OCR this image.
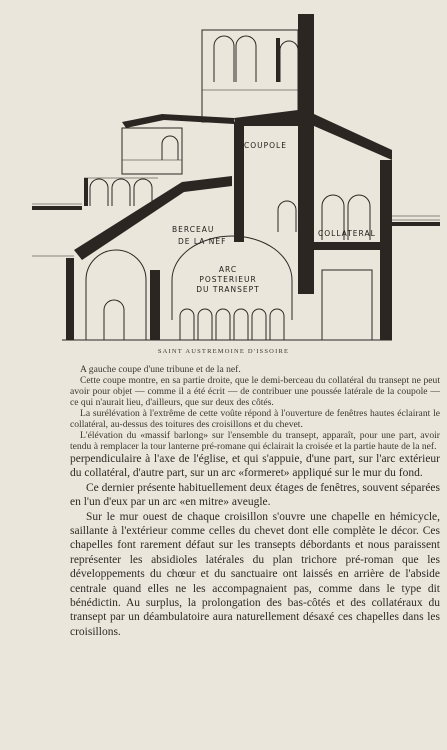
COUPOLE
BERCEAU
DE LA NEF
ARC
POSTERIEUR
DU TRANSEPT
COLLATERAL
SAINT AUSTREMOINE D'ISSOIRE

A gauche coupe d'une tribune et de la nef.

Cette coupe montre, en sa partie droite, que le demi-berceau du collatéral du transept ne peut avoir pour objet — comme il a été écrit — de contribuer une poussée latérale de la coupole — ce qui n'aurait lieu, d'ailleurs, que sur deux des côtés.

La surélévation à l'extrême de cette voûte répond à l'ouverture de fenêtres hautes éclairant le collatéral, au-dessus des toitures des croisillons et du chevet.

L'élévation du «massif barlong» sur l'ensemble du transept, apparaît, pour une part, avoir tendu à remplacer la tour lanterne pré-romane qui éclairait la croisée et la partie haute de la nef.

perpendiculaire à l'axe de l'église, et qui s'appuie, d'une part, sur l'arc extérieur du collatéral, d'autre part, sur un arc «formeret» appliqué sur le mur du fond.

Ce dernier présente habituellement deux étages de fenêtres, souvent séparées en l'un d'eux par un arc «en mitre» aveugle.

Sur le mur ouest de chaque croisillon s'ouvre une chapelle en hémicycle, saillante à l'extérieur comme celles du chevet dont elle complète le décor. Ces chapelles font rarement défaut sur les transepts débordants et nous paraissent représenter les absidioles latérales du plan trichore pré-roman que les développements du chœur et du sanctuaire ont laissés en arrière de l'abside centrale quand elles ne les accompagnaient pas, comme dans le type dit bénédictin. Au surplus, la prolongation des bas-côtés et des collatéraux du transept par un déambulatoire aura naturellement désaxé ces chapelles dans les croisillons.
